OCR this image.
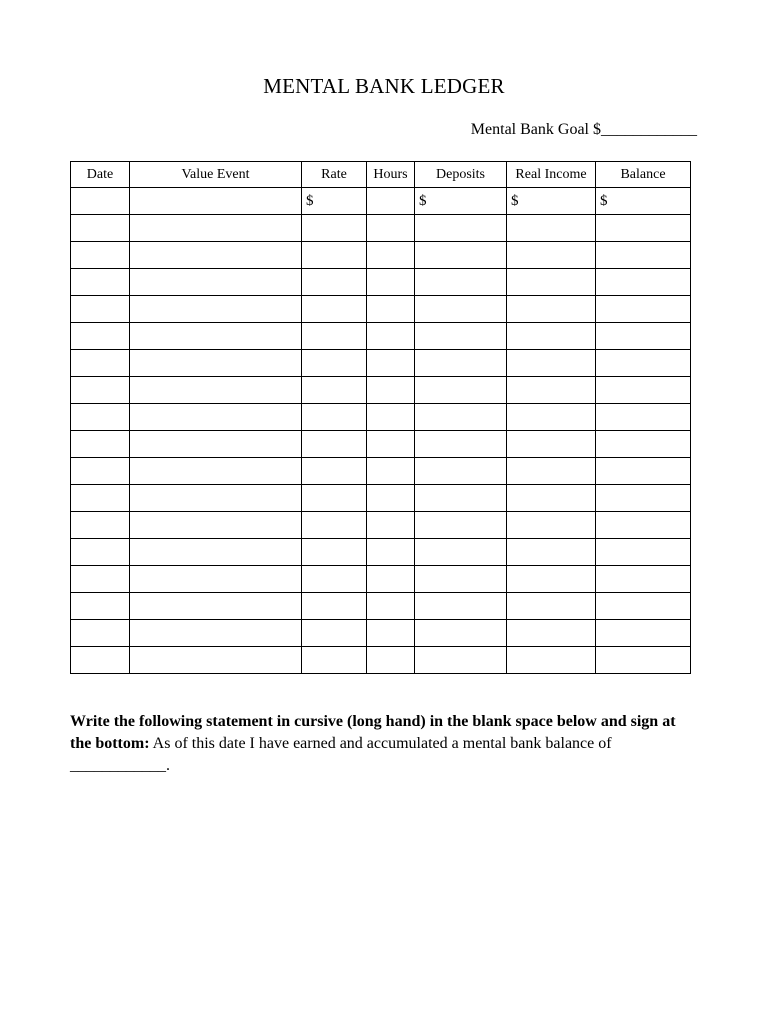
MENTAL BANK LEDGER
Mental Bank Goal $____________
Date	Value Event	Rate	Hours	Deposits	Real Income	Balance
		$		$	$	$

Write the following statement in cursive (long hand) in the blank space below and sign at the bottom: As of this date I have earned and accumulated a mental bank balance of ____________.
